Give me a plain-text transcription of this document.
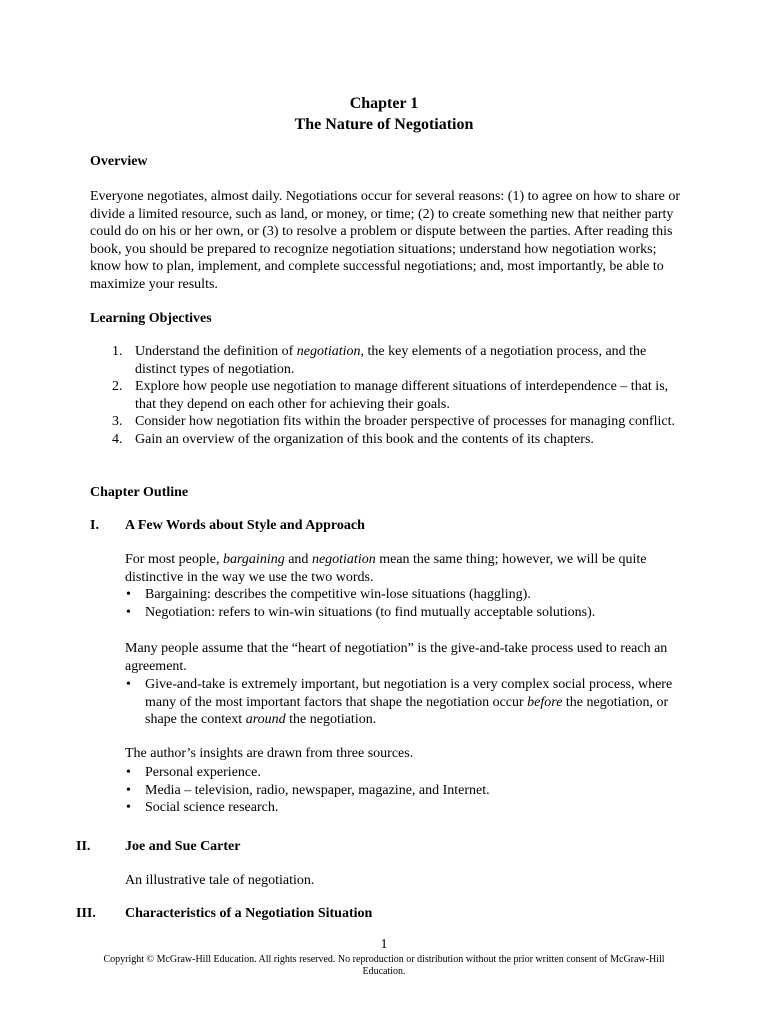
Chapter 1
The Nature of Negotiation
Overview

Everyone negotiates, almost daily. Negotiations occur for several reasons: (1) to agree on how to share or divide a limited resource, such as land, or money, or time; (2) to create something new that neither party could do on his or her own, or (3) to resolve a problem or dispute between the parties. After reading this book, you should be prepared to recognize negotiation situations; understand how negotiation works; know how to plan, implement, and complete successful negotiations; and, most importantly, be able to maximize your results.

Learning Objectives
1. Understand the definition of negotiation, the key elements of a negotiation process, and the distinct types of negotiation.
2. Explore how people use negotiation to manage different situations of interdependence – that is, that they depend on each other for achieving their goals.
3. Consider how negotiation fits within the broader perspective of processes for managing conflict.
4. Gain an overview of the organization of this book and the contents of its chapters.
Chapter Outline
I.	A Few Words about Style and Approach

For most people, bargaining and negotiation mean the same thing; however, we will be quite distinctive in the way we use the two words.

• Bargaining: describes the competitive win-lose situations (haggling).
• Negotiation: refers to win-win situations (to find mutually acceptable solutions).

Many people assume that the “heart of negotiation” is the give-and-take process used to reach an agreement.

• Give-and-take is extremely important, but negotiation is a very complex social process, where many of the most important factors that shape the negotiation occur before the negotiation, or shape the context around the negotiation.

The author’s insights are drawn from three sources.

• Personal experience.
• Media – television, radio, newspaper, magazine, and Internet.
• Social science research.
II.	Joe and Sue Carter

An illustrative tale of negotiation.

III.	Characteristics of a Negotiation Situation
1
Copyright © McGraw-Hill Education. All rights reserved. No reproduction or distribution without the prior written consent of McGraw-Hill Education.
